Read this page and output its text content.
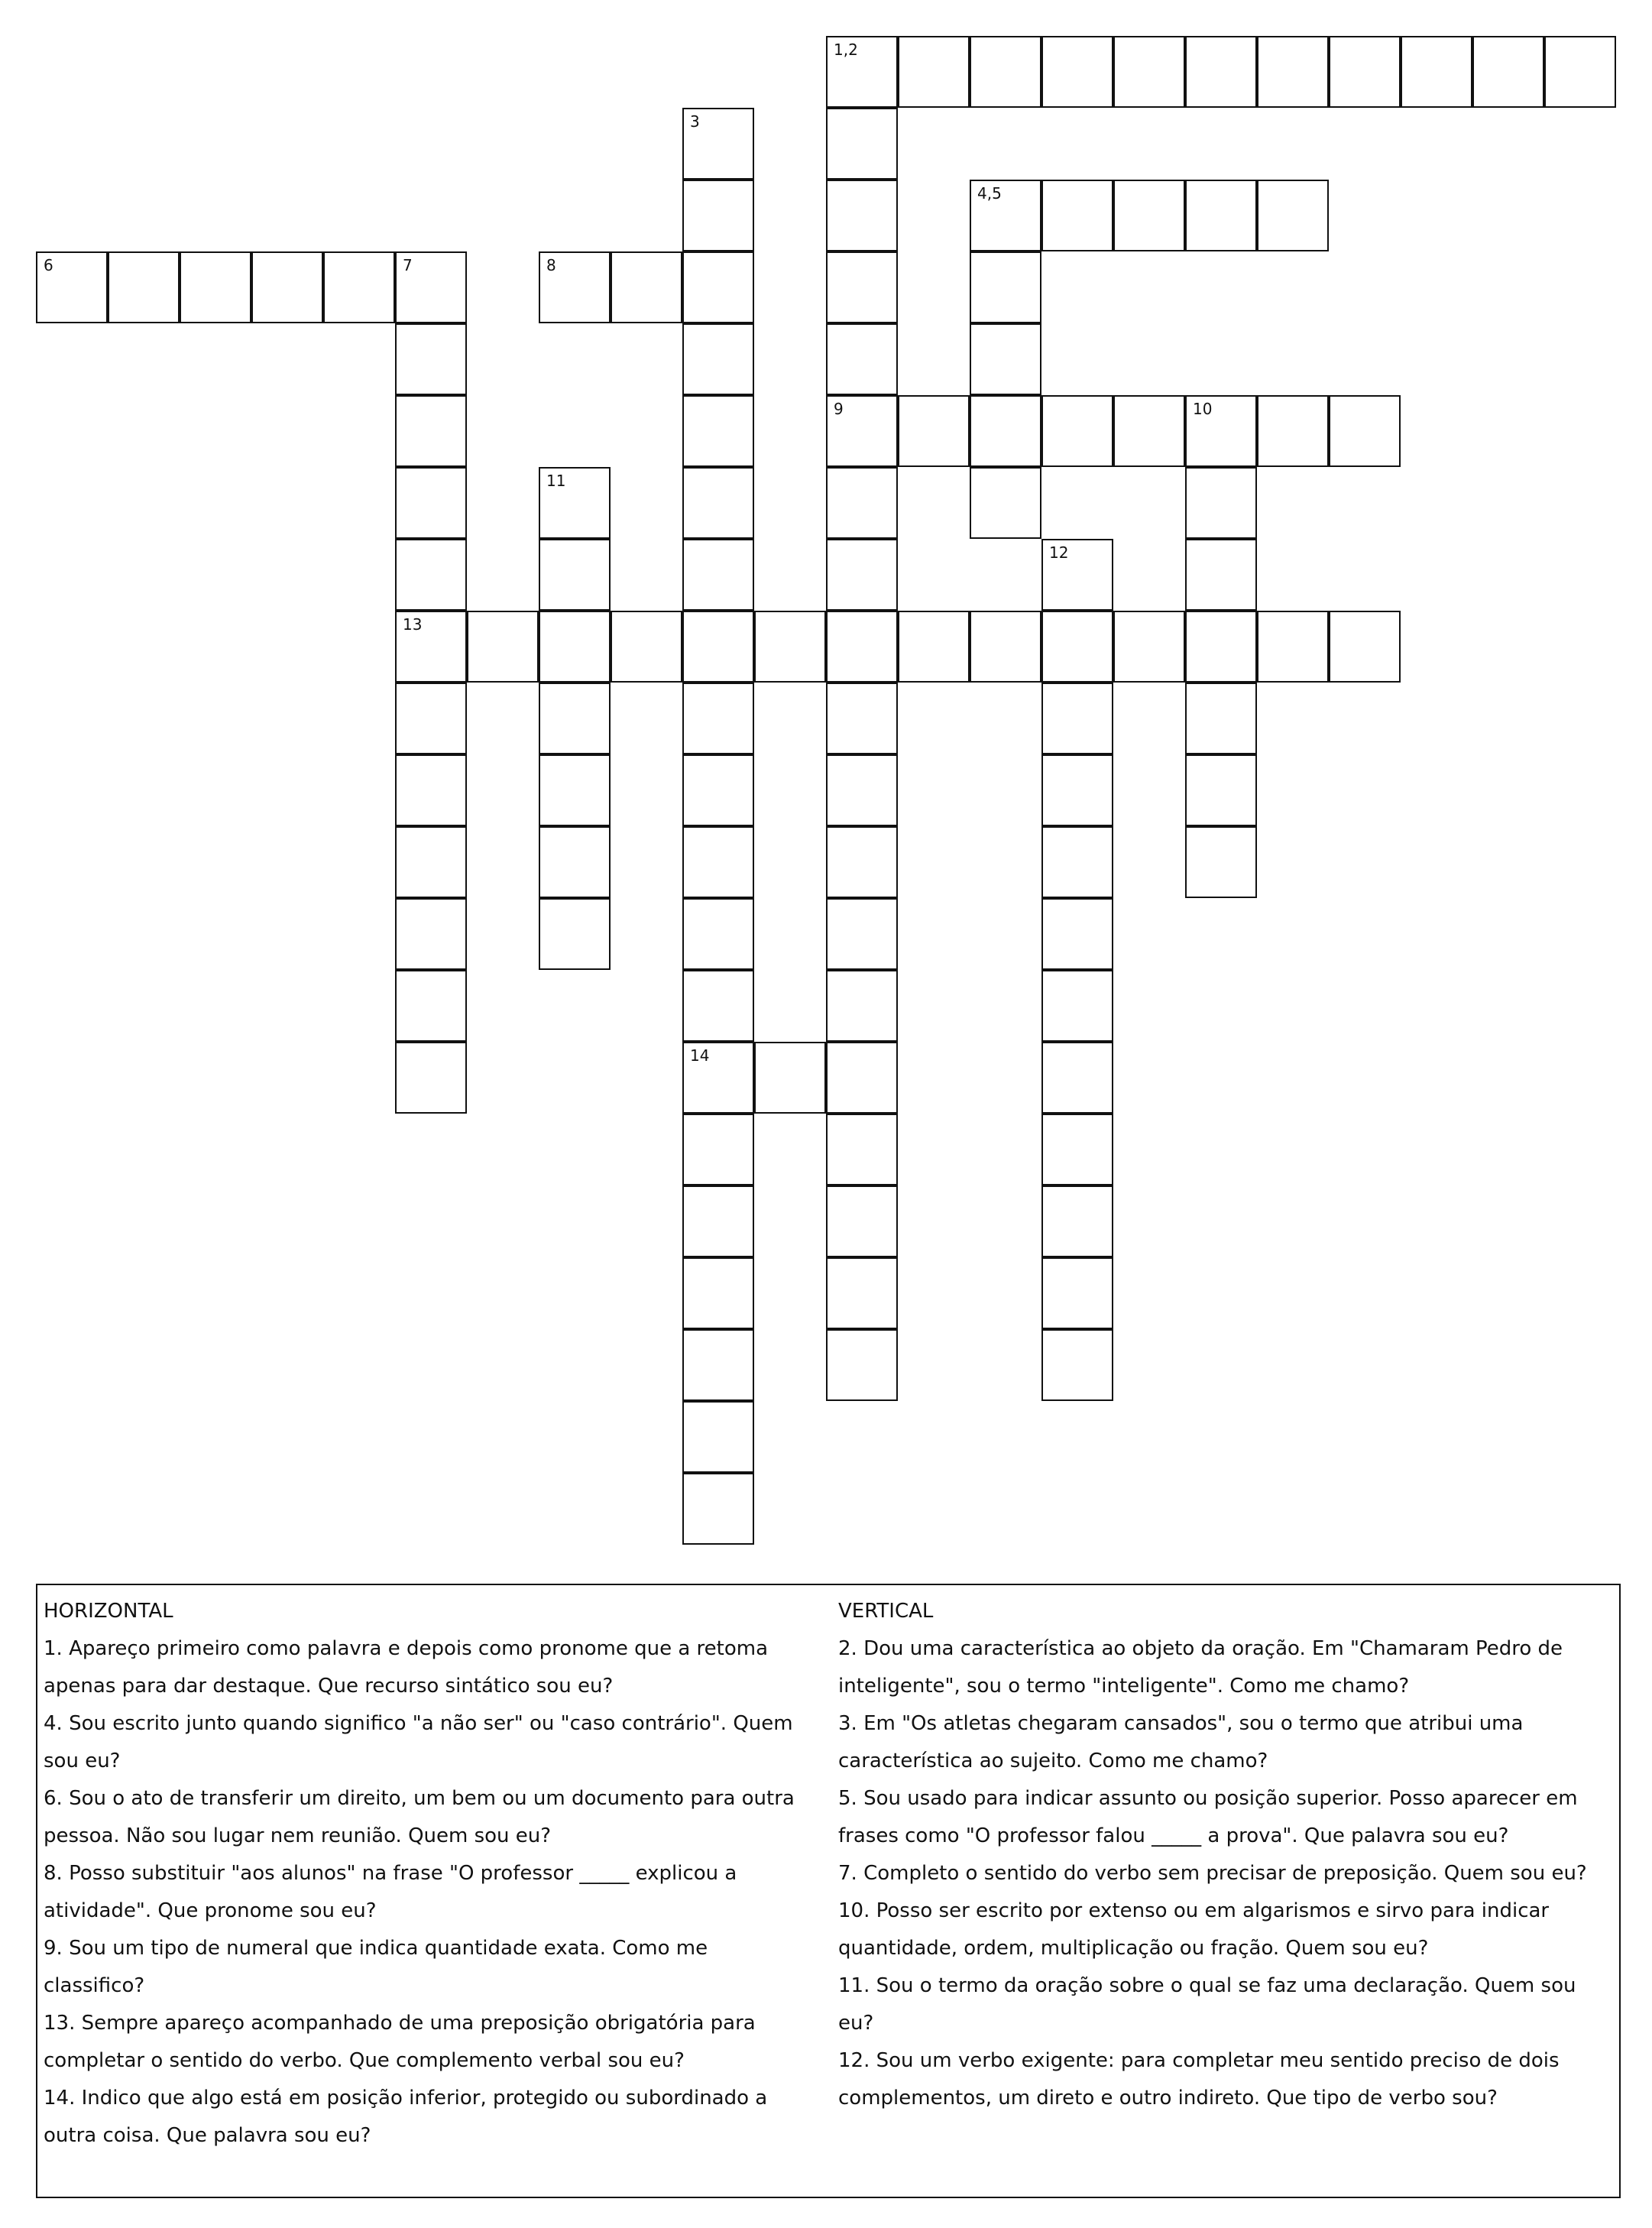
1,2
9
3
14
4,5
6	7
13
8
10
11
12

HORIZONTAL

1. Apareço primeiro como palavra e depois como pronome que a retoma apenas para dar destaque. Que recurso sintático sou eu?

4. Sou escrito junto quando significo "a não ser" ou "caso contrário". Quem sou eu?

6. Sou o ato de transferir um direito, um bem ou um documento para outra pessoa. Não sou lugar nem reunião. Quem sou eu?

8. Posso substituir "aos alunos" na frase "O professor _____ explicou a atividade". Que pronome sou eu?

9. Sou um tipo de numeral que indica quantidade exata. Como me classifico?

13. Sempre apareço acompanhado de uma preposição obrigatória para completar o sentido do verbo. Que complemento verbal sou eu?

14. Indico que algo está em posição inferior, protegido ou subordinado a outra coisa. Que palavra sou eu?

VERTICAL

2. Dou uma característica ao objeto da oração. Em "Chamaram Pedro de inteligente", sou o termo "inteligente". Como me chamo?

3. Em "Os atletas chegaram cansados", sou o termo que atribui uma característica ao sujeito. Como me chamo?

5. Sou usado para indicar assunto ou posição superior. Posso aparecer em frases como "O professor falou _____ a prova". Que palavra sou eu?

7. Completo o sentido do verbo sem precisar de preposição. Quem sou eu?

10. Posso ser escrito por extenso ou em algarismos e sirvo para indicar quantidade, ordem, multiplicação ou fração. Quem sou eu?

11. Sou o termo da oração sobre o qual se faz uma declaração. Quem sou eu?

12. Sou um verbo exigente: para completar meu sentido preciso de dois complementos, um direto e outro indireto. Que tipo de verbo sou?
